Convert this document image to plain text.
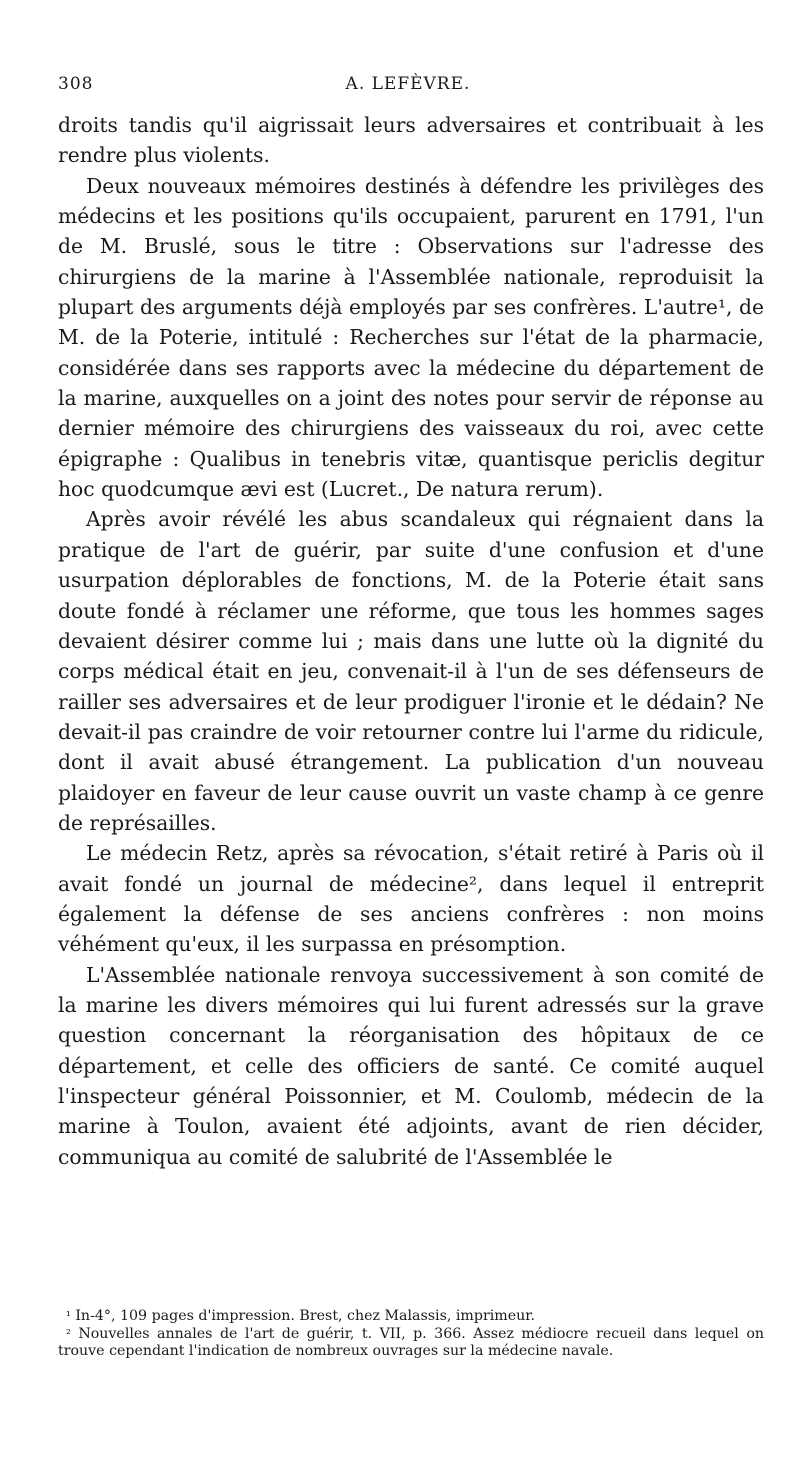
308	A. LEFÈVRE.

droits tandis qu'il aigrissait leurs adversaires et contribuait à les rendre plus violents.

Deux nouveaux mémoires destinés à défendre les privilèges des médecins et les positions qu'ils occupaient, parurent en 1791, l'un de M. Bruslé, sous le titre : Observations sur l'adresse des chirurgiens de la marine à l'Assemblée nationale, reproduisit la plupart des arguments déjà employés par ses confrères. L'autre¹, de M. de la Poterie, intitulé : Recherches sur l'état de la pharmacie, considérée dans ses rapports avec la médecine du département de la marine, auxquelles on a joint des notes pour servir de réponse au dernier mémoire des chirurgiens des vaisseaux du roi, avec cette épigraphe : Qualibus in tenebris vitæ, quantisque periclis degitur hoc quodcumque ævi est (Lucret., De natura rerum).

Après avoir révélé les abus scandaleux qui régnaient dans la pratique de l'art de guérir, par suite d'une confusion et d'une usurpation déplorables de fonctions, M. de la Poterie était sans doute fondé à réclamer une réforme, que tous les hommes sages devaient désirer comme lui ; mais dans une lutte où la dignité du corps médical était en jeu, convenait-il à l'un de ses défenseurs de railler ses adversaires et de leur prodiguer l'ironie et le dédain? Ne devait-il pas craindre de voir retourner contre lui l'arme du ridicule, dont il avait abusé étrangement. La publication d'un nouveau plaidoyer en faveur de leur cause ouvrit un vaste champ à ce genre de représailles.

Le médecin Retz, après sa révocation, s'était retiré à Paris où il avait fondé un journal de médecine², dans lequel il entreprit également la défense de ses anciens confrères : non moins véhément qu'eux, il les surpassa en présomption.

L'Assemblée nationale renvoya successivement à son comité de la marine les divers mémoires qui lui furent adressés sur la grave question concernant la réorganisation des hôpitaux de ce département, et celle des officiers de santé. Ce comité auquel l'inspecteur général Poissonnier, et M. Coulomb, médecin de la marine à Toulon, avaient été adjoints, avant de rien décider, communiqua au comité de salubrité de l'Assemblée le

¹ In-4°, 109 pages d'impression. Brest, chez Malassis, imprimeur.

² Nouvelles annales de l'art de guérir, t. VII, p. 366. Assez médiocre recueil dans lequel on trouve cependant l'indication de nombreux ouvrages sur la médecine navale.
